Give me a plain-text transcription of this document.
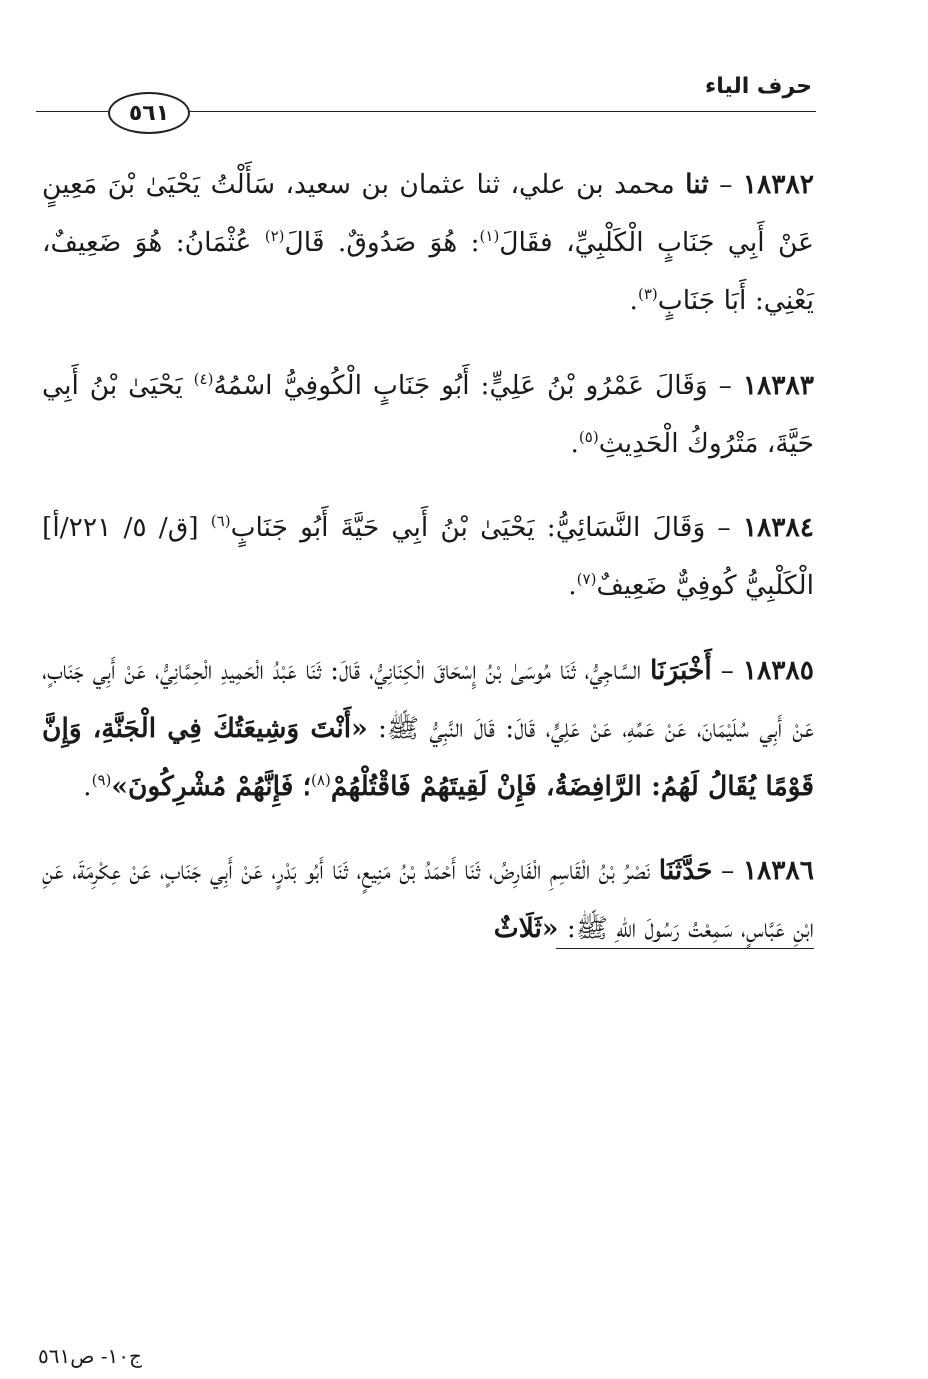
حرف الياء
٥٦١

١٨٣٨٢ – ثنا محمد بن علي، ثنا عثمان بن سعيد، سَأَلْتُ يَحْيَىٰ بْنَ مَعِينٍ عَنْ أَبِي جَنَابٍ الْكَلْبِيِّ، فقَالَ$^{(١)}$: هُوَ صَدُوقٌ. قَالَ$^{(٢)}$ عُثْمَانُ: هُوَ ضَعِيفٌ، يَعْنِي: أَبَا جَنَابٍ$^{(٣)}$.

١٨٣٨٣ – وَقَالَ عَمْرُو بْنُ عَلِيٍّ: أَبُو جَنَابٍ الْكُوفِيُّ اسْمُهُ$^{(٤)}$ يَحْيَىٰ بْنُ أَبِي حَيَّةَ، مَتْرُوكُ الْحَدِيثِ$^{(٥)}$.

١٨٣٨٤ – وَقَالَ النَّسَائِيُّ: يَحْيَىٰ بْنُ أَبِي حَيَّةَ أَبُو جَنَابٍ$^{(٦)}$ [ق/ ٥/ ٢٢١/أ] الْكَلْبِيُّ كُوفِيٌّ ضَعِيفٌ$^{(٧)}$.

١٨٣٨٥ – أَخْبَرَنَا السَّاجِيُّ، ثَنَا مُوسَىٰ بْنُ إِسْحَاقَ الْكِنَانِيُّ، قَالَ: ثَنَا عَبْدُ الْحَمِيدِ الْحِمَّانِيُّ، عَنْ أَبِي جَنَابٍ، عَنْ أَبِي سُلَيْمَانَ، عَنْ عَمِّهِ، عَنْ عَلِيٍّ، قَالَ: قَالَ النَّبِيُّ ﷺ: «أَنْتَ وَشِيعَتُكَ فِي الْجَنَّةِ، وَإِنَّ قَوْمًا يُقَالُ لَهُمُ: الرَّافِضَةُ، فَإِنْ لَقِيتَهُمْ فَاقْتُلْهُمْ$^{(٨)}$؛ فَإِنَّهُمْ مُشْرِكُونَ»$^{(٩)}$.

١٨٣٨٦ – حَدَّثَنَا نَصْرُ بْنُ الْقَاسِمِ الْفَارِضُ، ثَنَا أَحْمَدُ بْنُ مَنِيعٍ، ثَنَا أَبُو بَدْرٍ، عَنْ أَبِي جَنَابٍ، عَنْ عِكْرِمَةَ، عَنِ ابْنِ عَبَّاسٍ، سَمِعْتُ رَسُولَ اللهِ ﷺ: «ثَلَاثٌ

ج١٠- ص٥٦١
